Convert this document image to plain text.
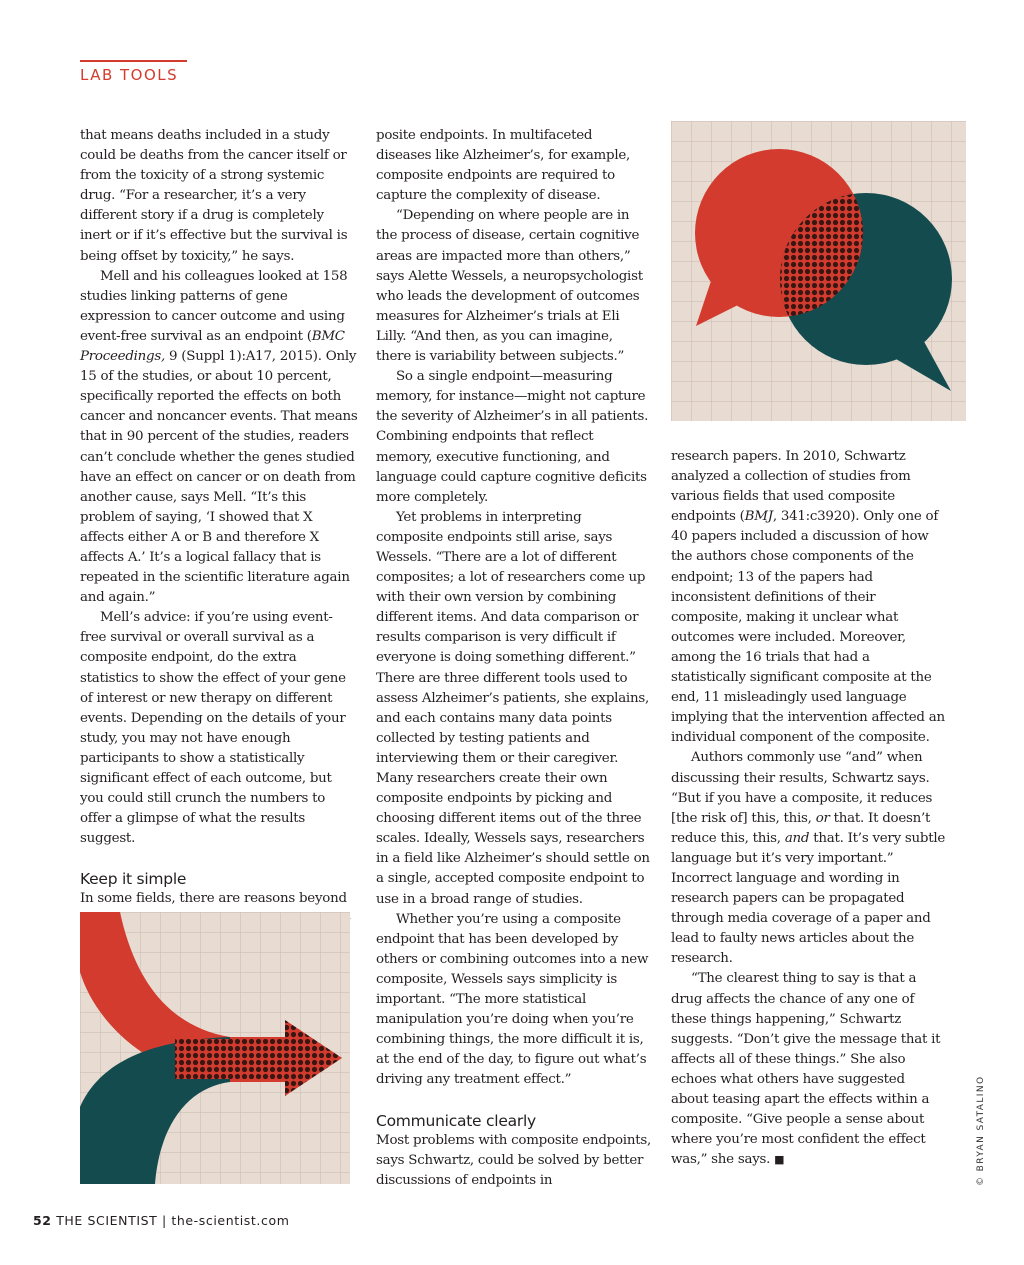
LAB TOOLS

that means deaths included in a study could be deaths from the cancer itself or from the toxicity of a strong systemic drug. “For a researcher, it’s a very different story if a drug is completely inert or if it’s effective but the survival is being offset by toxicity,” he says.

Mell and his colleagues looked at 158 studies linking patterns of gene expression to cancer outcome and using event-free survival as an endpoint (BMC Proceedings, 9 (Suppl 1):A17, 2015). Only 15 of the studies, or about 10 percent, specifically reported the effects on both cancer and noncancer events. That means that in 90 percent of the studies, readers can’t conclude whether the genes studied have an effect on cancer or on death from another cause, says Mell. “It’s this problem of saying, ‘I showed that X affects either A or B and therefore X affects A.’ It’s a logical fallacy that is repeated in the scientific literature again and again.”

Mell’s advice: if you’re using event-free survival or overall survival as a composite endpoint, do the extra statistics to show the effect of your gene of interest or new therapy on different events. Depending on the details of your study, you may not have enough participants to show a statistically significant effect of each outcome, but you could still crunch the numbers to offer a glimpse of what the results suggest.

Keep it simple

In some fields, there are reasons beyond

posite endpoints. In multifaceted diseases like Alzheimer’s, for example, composite endpoints are required to capture the complexity of disease.

“Depending on where people are in the process of disease, certain cognitive areas are impacted more than others,” says Alette Wessels, a neuropsychologist who leads the development of outcomes measures for Alzheimer’s trials at Eli Lilly. “And then, as you can imagine, there is variability between subjects.”

So a single endpoint—measuring memory, for instance—might not capture the severity of Alzheimer’s in all patients. Combining endpoints that reflect memory, executive functioning, and language could capture cognitive deficits more completely.

Yet problems in interpreting composite endpoints still arise, says Wessels. “There are a lot of different composites; a lot of researchers come up with their own version by combining different items. And data comparison or results comparison is very difficult if everyone is doing something different.” There are three different tools used to assess Alzheimer’s patients, she explains, and each contains many data points collected by testing patients and interviewing them or their caregiver. Many researchers create their own composite endpoints by picking and choosing different items out of the three scales. Ideally, Wessels says, researchers in a field like Alzheimer’s should settle on a single, accepted composite endpoint to use in a broad range of studies.

Whether you’re using a composite endpoint that has been developed by others or combining outcomes into a new composite, Wessels says simplicity is important. “The more statistical manipulation you’re doing when you’re combining things, the more difficult it is, at the end of the day, to figure out what’s driving any treatment effect.”

Communicate clearly

Most problems with composite endpoints, says Schwartz, could be solved by better discussions of endpoints in

research papers. In 2010, Schwartz analyzed a collection of studies from various fields that used composite endpoints (BMJ, 341:c3920). Only one of 40 papers included a discussion of how the authors chose components of the endpoint; 13 of the papers had inconsistent definitions of their composite, making it unclear what outcomes were included. Moreover, among the 16 trials that had a statistically significant composite at the end, 11 misleadingly used language implying that the intervention affected an individual component of the composite.

Authors commonly use “and” when discussing their results, Schwartz says. “But if you have a composite, it reduces [the risk of] this, this, or that. It doesn’t reduce this, this, and that. It’s very subtle language but it’s very important.” Incorrect language and wording in research papers can be propagated through media coverage of a paper and lead to faulty news articles about the research.

“The clearest thing to say is that a drug affects the chance of any one of these things happening,” Schwartz suggests. “Don’t give the message that it affects all of these things.” She also echoes what others have suggested about teasing apart the effects within a composite. “Give people a sense about where you’re most confident the effect was,” she says. ■

52 THE SCIENTIST | the-scientist.com
© BRYAN SATALINO
